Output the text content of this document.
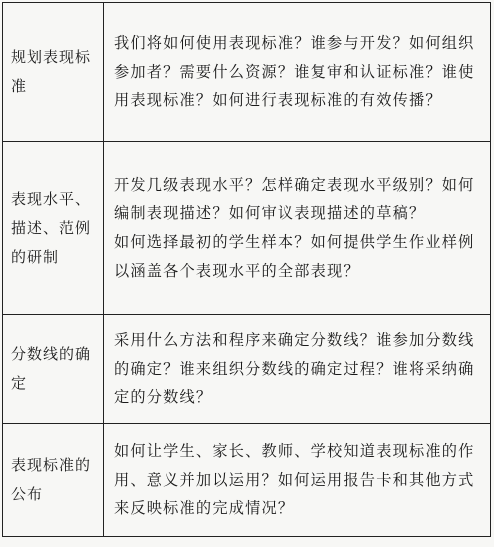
规划表现标准	我们将如何使用表现标准？谁参与开发？如何组织参加者？需要什么资源？谁复审和认证标准？谁使用表现标准？如何进行表现标准的有效传播？

表现水平、描述、范例的研制	开发几级表现水平？怎样确定表现水平级别？如何编制表现描述？如何审议表现描述的草稿？
如何选择最初的学生样本？如何提供学生作业样例以涵盖各个表现水平的全部表现？

分数线的确定	采用什么方法和程序来确定分数线？谁参加分数线的确定？谁来组织分数线的确定过程？谁将采纳确定的分数线？

表现标准的公布	如何让学生、家长、教师、学校知道表现标准的作用、意义并加以运用？如何运用报告卡和其他方式来反映标准的完成情况？
